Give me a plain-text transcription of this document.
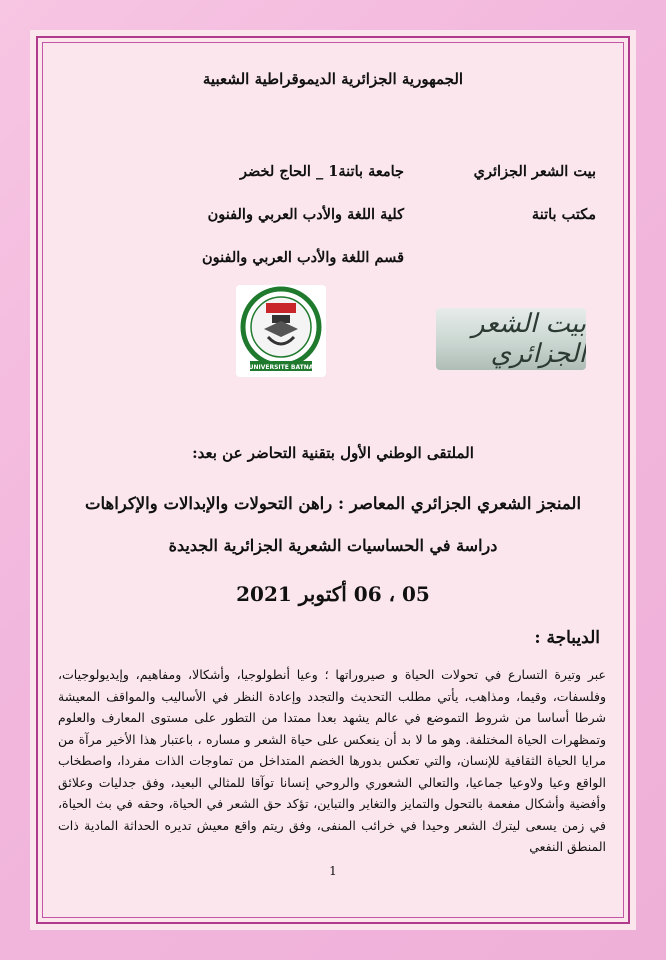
الجمهورية الجزائرية الديموقراطية الشعبية
بيت الشعر الجزائري
مكتب باتنة
جامعة باتنة1 _ الحاج لخضر
كلية اللغة والأدب العربي والفنون
قسم اللغة والأدب العربي والفنون
بيت الشعر الجزائري
UNIVERSITE BATNA
الملتقى الوطني الأول بتقنية التحاضر عن بعد:
المنجز الشعري الجزائري المعاصر : راهن التحولات والإبدالات والإكراهات
دراسة في الحساسيات الشعرية الجزائرية الجديدة
05 ، 06 أكتوبر 2021
الديباجة :
عبر وتيرة التسارع في تحولات الحياة و صيروراتها ؛ وعيا أنطولوجيا، وأشكالا، ومفاهيم، وإيديولوجيات، وفلسفات، وقيما، ومذاهب، يأتي مطلب التحديث والتجدد وإعادة النظر في الأساليب والمواقف المعيشة شرطا أساسا من شروط التموضع في عالم يشهد بعدا ممتدا من التطور على مستوى المعارف والعلوم وتمظهرات الحياة المختلفة. وهو ما لا بد أن ينعكس على حياة الشعر و مساره ، باعتبار هذا الأخير مرآة من مرايا الحياة الثقافية للإنسان، والتي تعكس بدورها الخضم المتداخل من تماوجات الذات مفردا، واصطخاب الواقع وعيا ولاوعيا جماعيا، والتعالي الشعوري والروحي إنسانا توآقا للمثالي البعيد، وفق جدليات وعلائق وأفضية وأشكال مفعمة بالتحول والتمايز والتغاير والتباين، تؤكد حق الشعر في الحياة، وحقه في بث الحياة، في زمن يسعى ليترك الشعر وحيدا في خرائب المنفى، وفق ريتم واقع معيش تديره الحداثة المادية ذات المنطق النفعي
1
